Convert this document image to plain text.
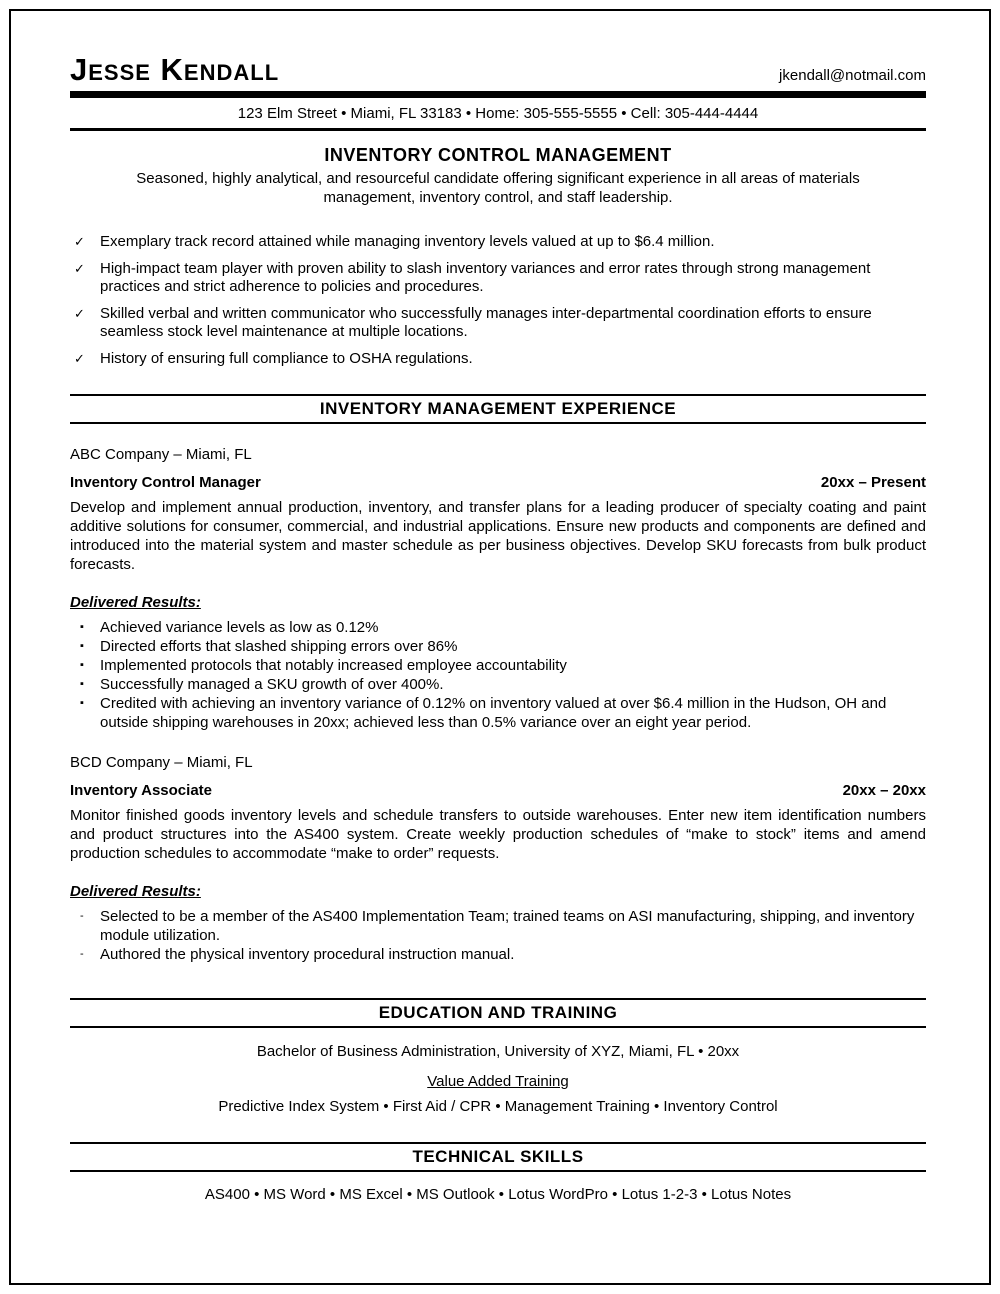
Jesse Kendall	jkendall@notmail.com
123 Elm Street • Miami, FL 33183 • Home: 305-555-5555 • Cell: 305-444-4444
INVENTORY CONTROL MANAGEMENT
Seasoned, highly analytical, and resourceful candidate offering significant experience in all areas of materials management, inventory control, and staff leadership.
✓	Exemplary track record attained while managing inventory levels valued at up to $6.4 million.
✓	High-impact team player with proven ability to slash inventory variances and error rates through strong management practices and strict adherence to policies and procedures.
✓	Skilled verbal and written communicator who successfully manages inter-departmental coordination efforts to ensure seamless stock level maintenance at multiple locations.
✓	History of ensuring full compliance to OSHA regulations.
INVENTORY MANAGEMENT EXPERIENCE
ABC Company – Miami, FL
Inventory Control Manager	20xx – Present
Develop and implement annual production, inventory, and transfer plans for a leading producer of specialty coating and paint additive solutions for consumer, commercial, and industrial applications. Ensure new products and components are defined and introduced into the material system and master schedule as per business objectives. Develop SKU forecasts from bulk product forecasts.
Delivered Results:
▪	Achieved variance levels as low as 0.12%
▪	Directed efforts that slashed shipping errors over 86%
▪	Implemented protocols that notably increased employee accountability
▪	Successfully managed a SKU growth of over 400%.
▪	Credited with achieving an inventory variance of 0.12% on inventory valued at over $6.4 million in the Hudson, OH and outside shipping warehouses in 20xx; achieved less than 0.5% variance over an eight year period.
BCD Company – Miami, FL
Inventory Associate	20xx – 20xx
Monitor finished goods inventory levels and schedule transfers to outside warehouses. Enter new item identification numbers and product structures into the AS400 system. Create weekly production schedules of “make to stock” items and amend production schedules to accommodate “make to order” requests.
Delivered Results:
-	Selected to be a member of the AS400 Implementation Team; trained teams on ASI manufacturing, shipping, and inventory module utilization.
-	Authored the physical inventory procedural instruction manual.
EDUCATION AND TRAINING
Bachelor of Business Administration, University of XYZ, Miami, FL • 20xx
Value Added Training
Predictive Index System • First Aid / CPR • Management Training • Inventory Control
TECHNICAL SKILLS
AS400 • MS Word • MS Excel • MS Outlook • Lotus WordPro • Lotus 1-2-3 • Lotus Notes
